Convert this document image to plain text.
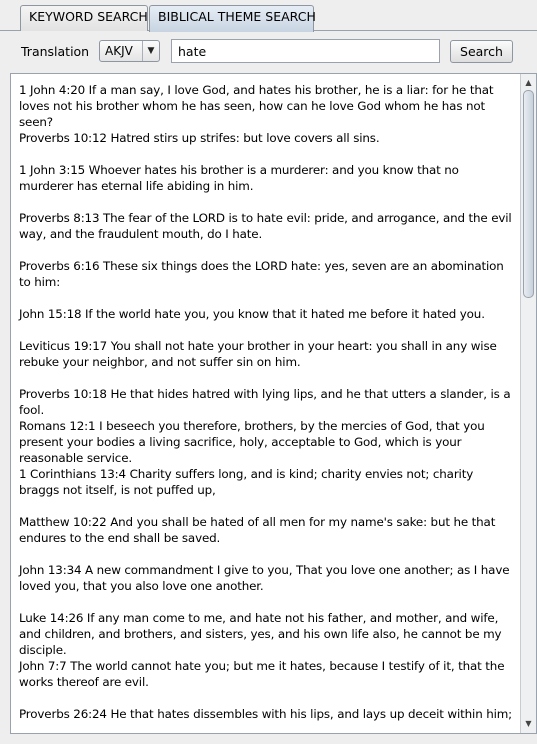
KEYWORD SEARCH BIBLICAL THEME SEARCH
Translation AKJV	▼
hate	Search
1 John 4:20 If a man say, I love God, and hates his brother, he is a liar: for he that loves not his brother whom he has seen, how can he love God whom he has not seen?
Proverbs 10:12 Hatred stirs up strifes: but love covers all sins.
1 John 3:15 Whoever hates his brother is a murderer: and you know that no murderer has eternal life abiding in him.
Proverbs 8:13 The fear of the LORD is to hate evil: pride, and arrogance, and the evil way, and the fraudulent mouth, do I hate.
Proverbs 6:16 These six things does the LORD hate: yes, seven are an abomination to him:
John 15:18 If the world hate you, you know that it hated me before it hated you.
Leviticus 19:17 You shall not hate your brother in your heart: you shall in any wise rebuke your neighbor, and not suffer sin on him.
Proverbs 10:18 He that hides hatred with lying lips, and he that utters a slander, is a fool.
Romans 12:1 I beseech you therefore, brothers, by the mercies of God, that you present your bodies a living sacrifice, holy, acceptable to God, which is your reasonable service.
1 Corinthians 13:4 Charity suffers long, and is kind; charity envies not; charity braggs not itself, is not puffed up,
Matthew 10:22 And you shall be hated of all men for my name's sake: but he that endures to the end shall be saved.
John 13:34 A new commandment I give to you, That you love one another; as I have loved you, that you also love one another.
Luke 14:26 If any man come to me, and hate not his father, and mother, and wife, and children, and brothers, and sisters, yes, and his own life also, he cannot be my disciple.
John 7:7 The world cannot hate you; but me it hates, because I testify of it, that the works thereof are evil.
Proverbs 26:24 He that hates dissembles with his lips, and lays up deceit within him;
▲
▼
